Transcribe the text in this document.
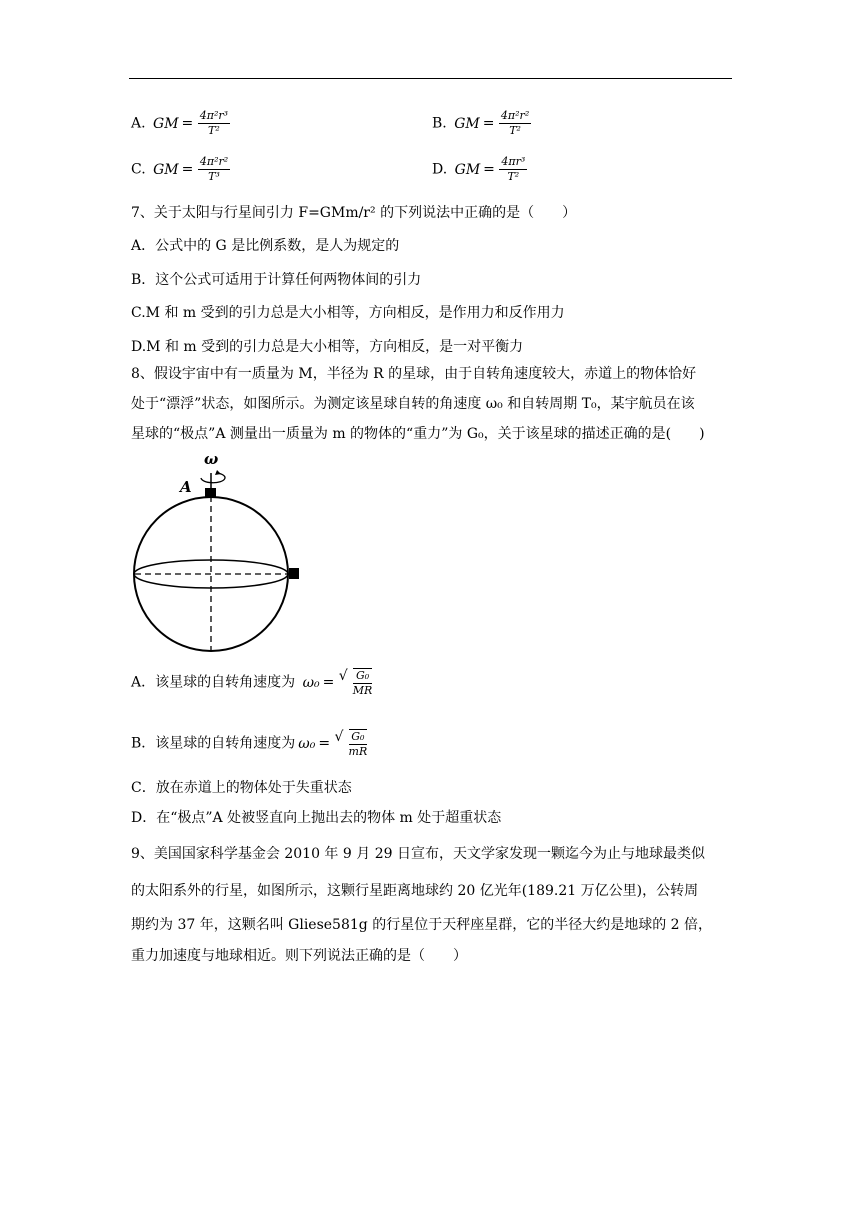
A. GM = $\frac{\text{4π²r³}}{\text{T²}}$	B. GM = $\frac{\text{4π²r²}}{\text{T²}}$
C. GM = $\frac{\text{4π²r²}}{\text{T³}}$	D. GM = $\frac{\text{4πr³}}{\text{T²}}$
7、关于太阳与行星间引力 F=GMm/r² 的下列说法中正确的是（　　）
A．公式中的 G 是比例系数，是人为规定的
B．这个公式可适用于计算任何两物体间的引力
C.M 和 m 受到的引力总是大小相等，方向相反，是作用力和反作用力
D.M 和 m 受到的引力总是大小相等，方向相反，是一对平衡力
8、假设宇宙中有一质量为 M，半径为 R 的星球，由于自转角速度较大，赤道上的物体恰好
处于“漂浮”状态，如图所示。为测定该星球自转的角速度 ω₀ 和自转周期 T₀，某宇航员在该
星球的“极点”A 测量出一质量为 m 的物体的“重力”为 G₀，关于该星球的描述正确的是(　　)
ω
A
A．该星球的自转角速度为 ω₀ = √ $\frac{\text{G₀}}{MR}$
B．该星球的自转角速度为 ω₀ = √ $\frac{\text{G₀}}{mR}$
C．放在赤道上的物体处于失重状态
D．在“极点”A 处被竖直向上抛出去的物体 m 处于超重状态
9、美国国家科学基金会 2010 年 9 月 29 日宣布，天文学家发现一颗迄今为止与地球最类似
的太阳系外的行星，如图所示，这颗行星距离地球约 20 亿光年(189.21 万亿公里)，公转周
期约为 37 年，这颗名叫 Gliese581g 的行星位于天秤座星群，它的半径大约是地球的 2 倍，
重力加速度与地球相近。则下列说法正确的是（　　）
